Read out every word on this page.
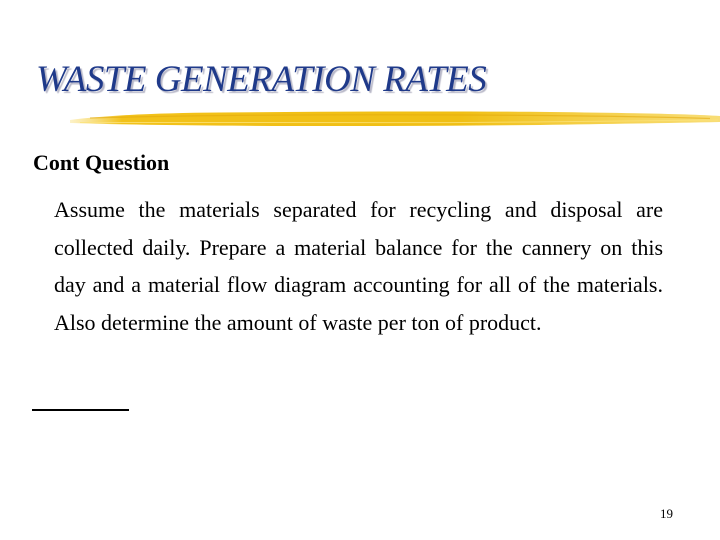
WASTE GENERATION RATES
Cont Question

Assume the materials separated for recycling and disposal are collected daily. Prepare a material balance for the cannery on this day and a material flow diagram accounting for all of the materials. Also determine the amount of waste per ton of product.

19
